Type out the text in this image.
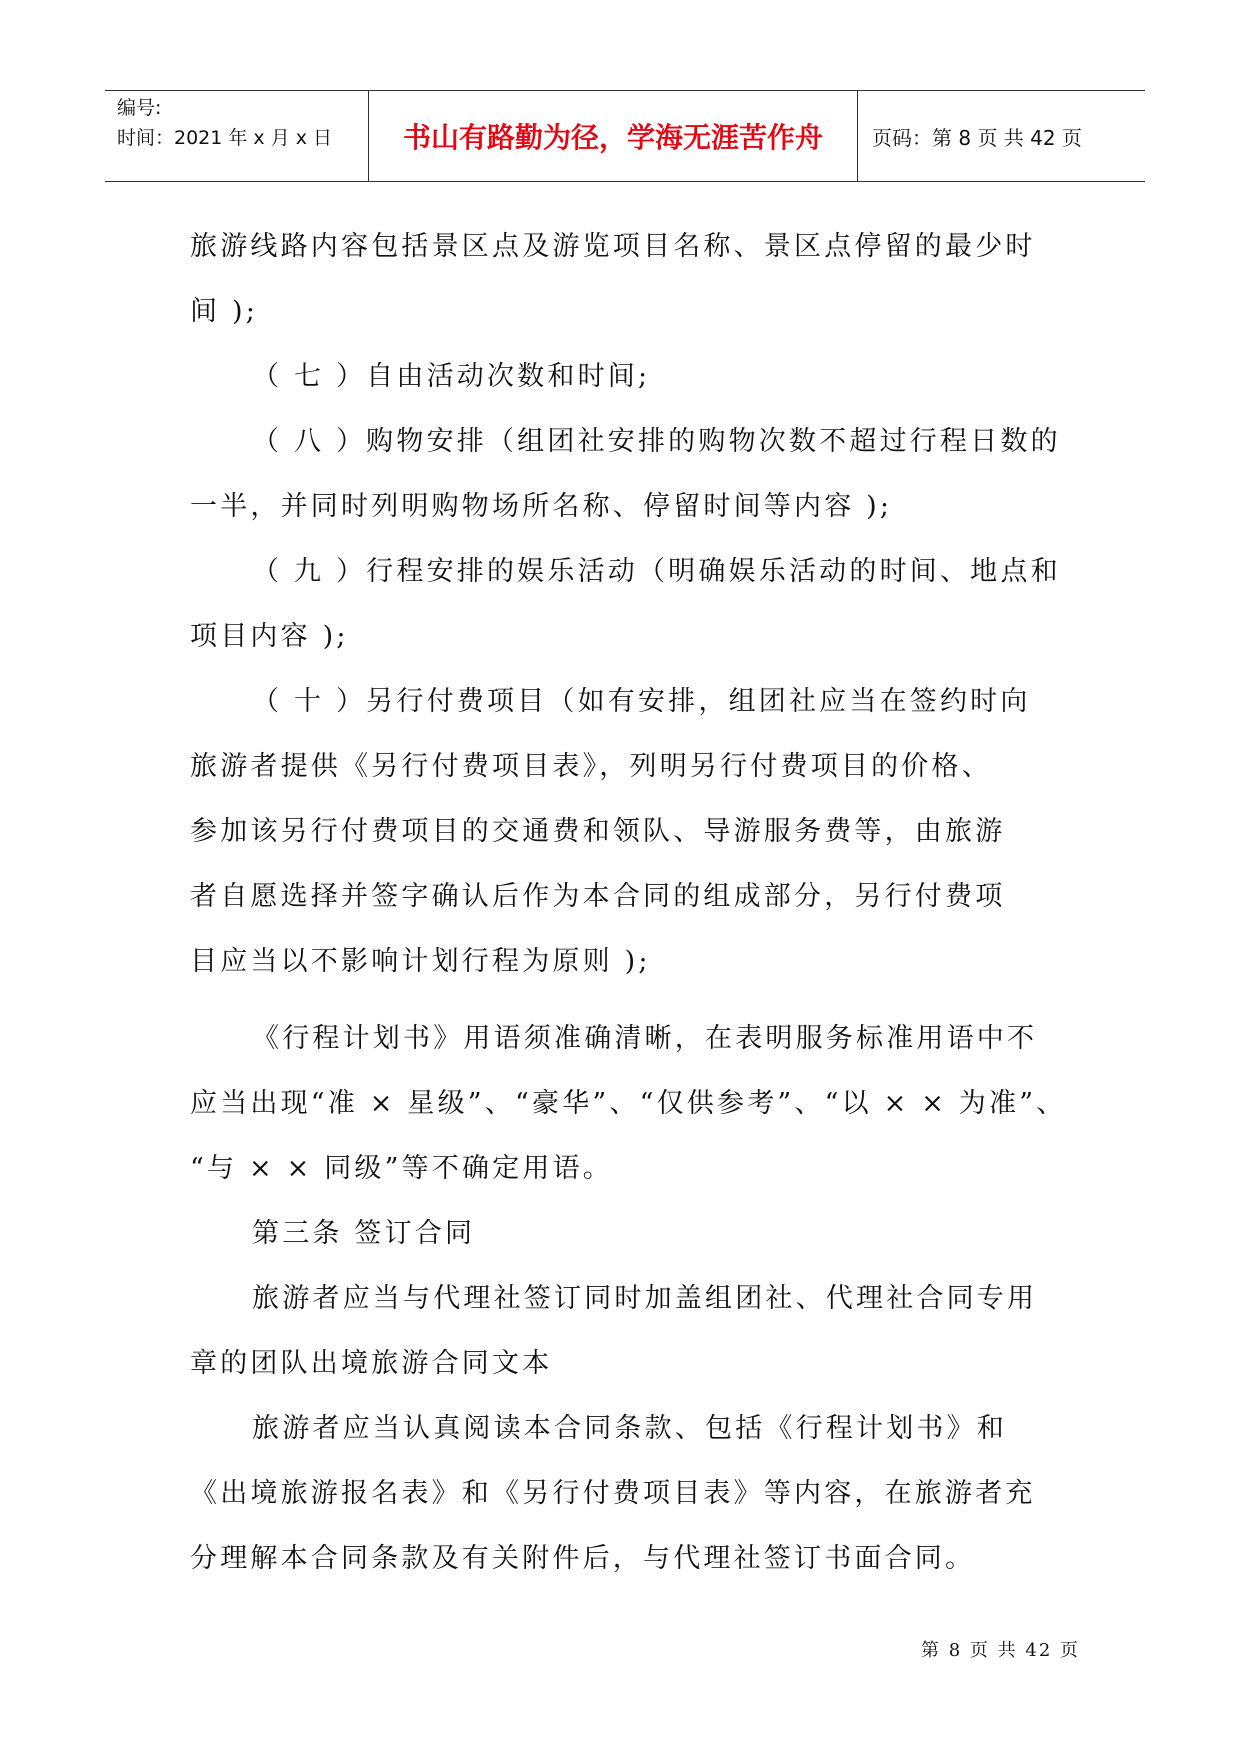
编号:
时间：2021 年 x 月 x 日	书山有路勤为径，学海无涯苦作舟	页码：第 8 页 共 42 页

旅游线路内容包括景区点及游览项目名称、景区点停留的最少时

间 );

（ 七 ）自由活动次数和时间;

（ 八 ）购物安排（组团社安排的购物次数不超过行程日数的

一半，并同时列明购物场所名称、停留时间等内容 );

（ 九 ）行程安排的娱乐活动（明确娱乐活动的时间、地点和

项目内容 );

（ 十 ）另行付费项目（如有安排，组团社应当在签约时向

旅游者提供《另行付费项目表》，列明另行付费项目的价格、

参加该另行付费项目的交通费和领队、导游服务费等，由旅游

者自愿选择并签字确认后作为本合同的组成部分，另行付费项

目应当以不影响计划行程为原则 );

《行程计划书》用语须准确清晰，在表明服务标准用语中不

应当出现“准 × 星级”、“豪华”、“仅供参考”、“以 × × 为准”、

“与 × × 同级”等不确定用语。

第三条 签订合同

旅游者应当与代理社签订同时加盖组团社、代理社合同专用

章的团队出境旅游合同文本

旅游者应当认真阅读本合同条款、包括《行程计划书》和

《出境旅游报名表》和《另行付费项目表》等内容，在旅游者充

分理解本合同条款及有关附件后，与代理社签订书面合同。

第 8 页 共 42 页
